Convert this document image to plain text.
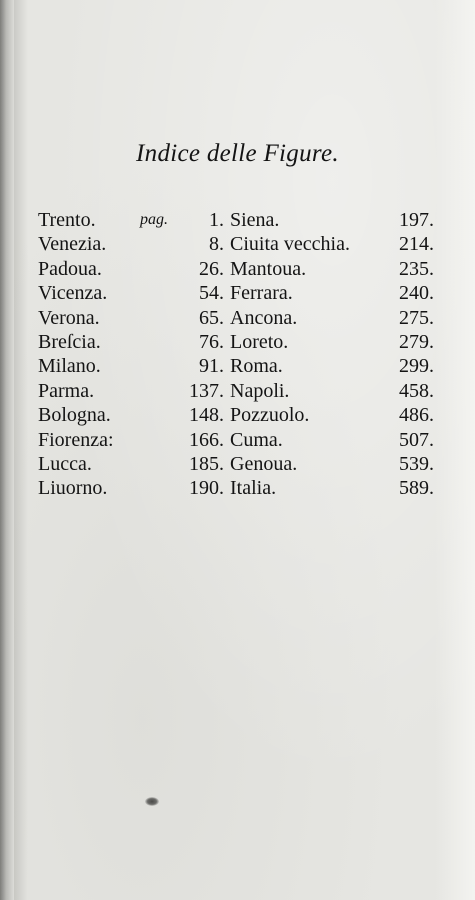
Indice delle Figure.
Trento.	pag.	1.	Siena.	197.
Venezia.		8.	Ciuita vecchia.	214.
Padoua.		26.	Mantoua.	235.
Vicenza.		54.	Ferrara.	240.
Verona.		65.	Ancona.	275.
Breſcia.		76.	Loreto.	279.
Milano.		91.	Roma.	299.
Parma.		137.	Napoli.	458.
Bologna.		148.	Pozzuolo.	486.
Fiorenza:		166.	Cuma.	507.
Lucca.		185.	Genoua.	539.
Liuorno.		190.	Italia.	589.
